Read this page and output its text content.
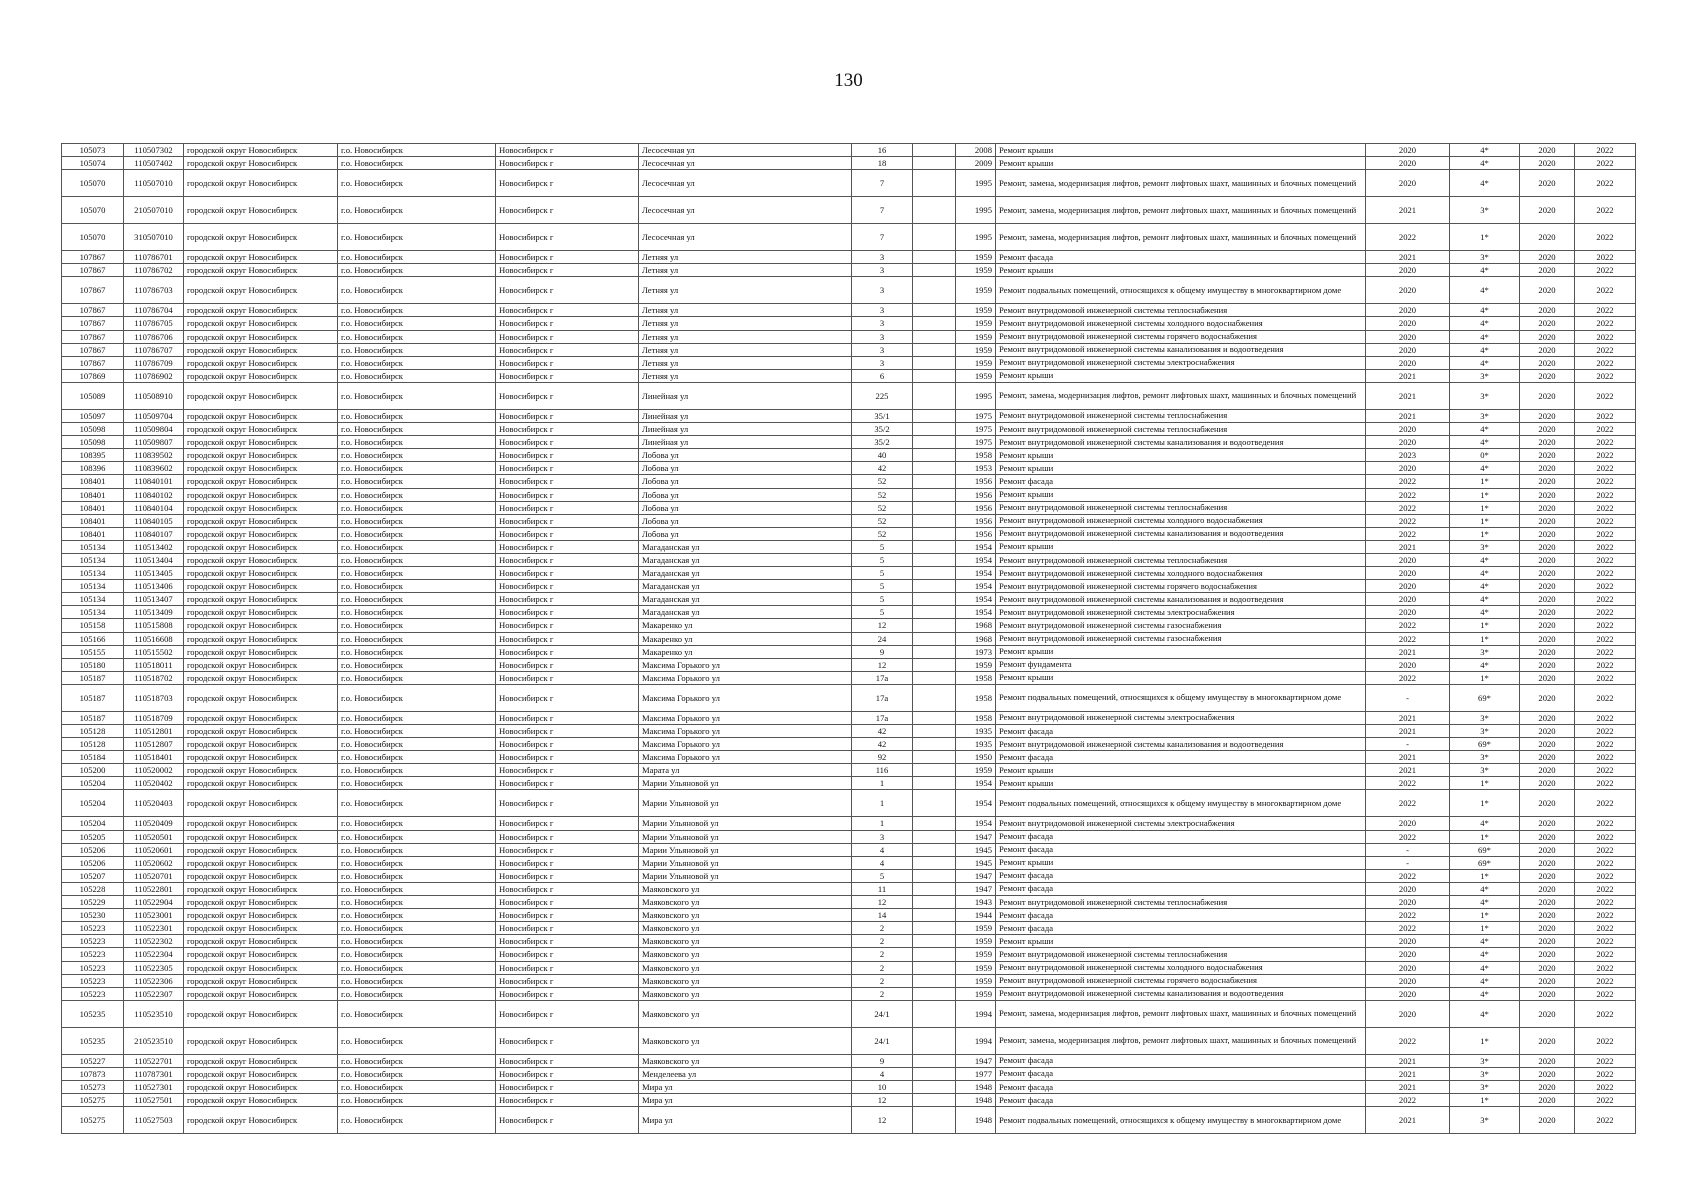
130
105073	110507302	городской округ Новосибирск	г.о. Новосибирск	Новосибирск г	Лесосечная ул	16		2008	Ремонт крыши	2020	4*	2020	2022
105074	110507402	городской округ Новосибирск	г.о. Новосибирск	Новосибирск г	Лесосечная ул	18		2009	Ремонт крыши	2020	4*	2020	2022
105070	110507010	городской округ Новосибирск	г.о. Новосибирск	Новосибирск г	Лесосечная ул	7		1995	Ремонт, замена, модернизация лифтов, ремонт лифтовых шахт, машинных и блочных помещений	2020	4*	2020	2022
105070	210507010	городской округ Новосибирск	г.о. Новосибирск	Новосибирск г	Лесосечная ул	7		1995	Ремонт, замена, модернизация лифтов, ремонт лифтовых шахт, машинных и блочных помещений	2021	3*	2020	2022
105070	310507010	городской округ Новосибирск	г.о. Новосибирск	Новосибирск г	Лесосечная ул	7		1995	Ремонт, замена, модернизация лифтов, ремонт лифтовых шахт, машинных и блочных помещений	2022	1*	2020	2022
107867	110786701	городской округ Новосибирск	г.о. Новосибирск	Новосибирск г	Летняя ул	3		1959	Ремонт фасада	2021	3*	2020	2022
107867	110786702	городской округ Новосибирск	г.о. Новосибирск	Новосибирск г	Летняя ул	3		1959	Ремонт крыши	2020	4*	2020	2022
107867	110786703	городской округ Новосибирск	г.о. Новосибирск	Новосибирск г	Летняя ул	3		1959	Ремонт подвальных помещений, относящихся к общему имуществу в многоквартирном доме	2020	4*	2020	2022
107867	110786704	городской округ Новосибирск	г.о. Новосибирск	Новосибирск г	Летняя ул	3		1959	Ремонт внутридомовой инженерной системы теплоснабжения	2020	4*	2020	2022
107867	110786705	городской округ Новосибирск	г.о. Новосибирск	Новосибирск г	Летняя ул	3		1959	Ремонт внутридомовой инженерной системы холодного водоснабжения	2020	4*	2020	2022
107867	110786706	городской округ Новосибирск	г.о. Новосибирск	Новосибирск г	Летняя ул	3		1959	Ремонт внутридомовой инженерной системы горячего водоснабжения	2020	4*	2020	2022
107867	110786707	городской округ Новосибирск	г.о. Новосибирск	Новосибирск г	Летняя ул	3		1959	Ремонт внутридомовой инженерной системы канализования и водоотведения	2020	4*	2020	2022
107867	110786709	городской округ Новосибирск	г.о. Новосибирск	Новосибирск г	Летняя ул	3		1959	Ремонт внутридомовой инженерной системы электроснабжения	2020	4*	2020	2022
107869	110786902	городской округ Новосибирск	г.о. Новосибирск	Новосибирск г	Летняя ул	6		1959	Ремонт крыши	2021	3*	2020	2022
105089	110508910	городской округ Новосибирск	г.о. Новосибирск	Новосибирск г	Линейная ул	225		1995	Ремонт, замена, модернизация лифтов, ремонт лифтовых шахт, машинных и блочных помещений	2021	3*	2020	2022
105097	110509704	городской округ Новосибирск	г.о. Новосибирск	Новосибирск г	Линейная ул	35/1		1975	Ремонт внутридомовой инженерной системы теплоснабжения	2021	3*	2020	2022
105098	110509804	городской округ Новосибирск	г.о. Новосибирск	Новосибирск г	Линейная ул	35/2		1975	Ремонт внутридомовой инженерной системы теплоснабжения	2020	4*	2020	2022
105098	110509807	городской округ Новосибирск	г.о. Новосибирск	Новосибирск г	Линейная ул	35/2		1975	Ремонт внутридомовой инженерной системы канализования и водоотведения	2020	4*	2020	2022
108395	110839502	городской округ Новосибирск	г.о. Новосибирск	Новосибирск г	Лобова ул	40		1958	Ремонт крыши	2023	0*	2020	2022
108396	110839602	городской округ Новосибирск	г.о. Новосибирск	Новосибирск г	Лобова ул	42		1953	Ремонт крыши	2020	4*	2020	2022
108401	110840101	городской округ Новосибирск	г.о. Новосибирск	Новосибирск г	Лобова ул	52		1956	Ремонт фасада	2022	1*	2020	2022
108401	110840102	городской округ Новосибирск	г.о. Новосибирск	Новосибирск г	Лобова ул	52		1956	Ремонт крыши	2022	1*	2020	2022
108401	110840104	городской округ Новосибирск	г.о. Новосибирск	Новосибирск г	Лобова ул	52		1956	Ремонт внутридомовой инженерной системы теплоснабжения	2022	1*	2020	2022
108401	110840105	городской округ Новосибирск	г.о. Новосибирск	Новосибирск г	Лобова ул	52		1956	Ремонт внутридомовой инженерной системы холодного водоснабжения	2022	1*	2020	2022
108401	110840107	городской округ Новосибирск	г.о. Новосибирск	Новосибирск г	Лобова ул	52		1956	Ремонт внутридомовой инженерной системы канализования и водоотведения	2022	1*	2020	2022
105134	110513402	городской округ Новосибирск	г.о. Новосибирск	Новосибирск г	Магаданская ул	5		1954	Ремонт крыши	2021	3*	2020	2022
105134	110513404	городской округ Новосибирск	г.о. Новосибирск	Новосибирск г	Магаданская ул	5		1954	Ремонт внутридомовой инженерной системы теплоснабжения	2020	4*	2020	2022
105134	110513405	городской округ Новосибирск	г.о. Новосибирск	Новосибирск г	Магаданская ул	5		1954	Ремонт внутридомовой инженерной системы холодного водоснабжения	2020	4*	2020	2022
105134	110513406	городской округ Новосибирск	г.о. Новосибирск	Новосибирск г	Магаданская ул	5		1954	Ремонт внутридомовой инженерной системы горячего водоснабжения	2020	4*	2020	2022
105134	110513407	городской округ Новосибирск	г.о. Новосибирск	Новосибирск г	Магаданская ул	5		1954	Ремонт внутридомовой инженерной системы канализования и водоотведения	2020	4*	2020	2022
105134	110513409	городской округ Новосибирск	г.о. Новосибирск	Новосибирск г	Магаданская ул	5		1954	Ремонт внутридомовой инженерной системы электроснабжения	2020	4*	2020	2022
105158	110515808	городской округ Новосибирск	г.о. Новосибирск	Новосибирск г	Макаренко ул	12		1968	Ремонт внутридомовой инженерной системы газоснабжения	2022	1*	2020	2022
105166	110516608	городской округ Новосибирск	г.о. Новосибирск	Новосибирск г	Макаренко ул	24		1968	Ремонт внутридомовой инженерной системы газоснабжения	2022	1*	2020	2022
105155	110515502	городской округ Новосибирск	г.о. Новосибирск	Новосибирск г	Макаренко ул	9		1973	Ремонт крыши	2021	3*	2020	2022
105180	110518011	городской округ Новосибирск	г.о. Новосибирск	Новосибирск г	Максима Горького ул	12		1959	Ремонт фундамента	2020	4*	2020	2022
105187	110518702	городской округ Новосибирск	г.о. Новосибирск	Новосибирск г	Максима Горького ул	17а		1958	Ремонт крыши	2022	1*	2020	2022
105187	110518703	городской округ Новосибирск	г.о. Новосибирск	Новосибирск г	Максима Горького ул	17а		1958	Ремонт подвальных помещений, относящихся к общему имуществу в многоквартирном доме	-	69*	2020	2022
105187	110518709	городской округ Новосибирск	г.о. Новосибирск	Новосибирск г	Максима Горького ул	17а		1958	Ремонт внутридомовой инженерной системы электроснабжения	2021	3*	2020	2022
105128	110512801	городской округ Новосибирск	г.о. Новосибирск	Новосибирск г	Максима Горького ул	42		1935	Ремонт фасада	2021	3*	2020	2022
105128	110512807	городской округ Новосибирск	г.о. Новосибирск	Новосибирск г	Максима Горького ул	42		1935	Ремонт внутридомовой инженерной системы канализования и водоотведения	-	69*	2020	2022
105184	110518401	городской округ Новосибирск	г.о. Новосибирск	Новосибирск г	Максима Горького ул	92		1950	Ремонт фасада	2021	3*	2020	2022
105200	110520002	городской округ Новосибирск	г.о. Новосибирск	Новосибирск г	Марата ул	116		1959	Ремонт крыши	2021	3*	2020	2022
105204	110520402	городской округ Новосибирск	г.о. Новосибирск	Новосибирск г	Марии Ульяновой ул	1		1954	Ремонт крыши	2022	1*	2020	2022
105204	110520403	городской округ Новосибирск	г.о. Новосибирск	Новосибирск г	Марии Ульяновой ул	1		1954	Ремонт подвальных помещений, относящихся к общему имуществу в многоквартирном доме	2022	1*	2020	2022
105204	110520409	городской округ Новосибирск	г.о. Новосибирск	Новосибирск г	Марии Ульяновой ул	1		1954	Ремонт внутридомовой инженерной системы электроснабжения	2020	4*	2020	2022
105205	110520501	городской округ Новосибирск	г.о. Новосибирск	Новосибирск г	Марии Ульяновой ул	3		1947	Ремонт фасада	2022	1*	2020	2022
105206	110520601	городской округ Новосибирск	г.о. Новосибирск	Новосибирск г	Марии Ульяновой ул	4		1945	Ремонт фасада	-	69*	2020	2022
105206	110520602	городской округ Новосибирск	г.о. Новосибирск	Новосибирск г	Марии Ульяновой ул	4		1945	Ремонт крыши	-	69*	2020	2022
105207	110520701	городской округ Новосибирск	г.о. Новосибирск	Новосибирск г	Марии Ульяновой ул	5		1947	Ремонт фасада	2022	1*	2020	2022
105228	110522801	городской округ Новосибирск	г.о. Новосибирск	Новосибирск г	Маяковского ул	11		1947	Ремонт фасада	2020	4*	2020	2022
105229	110522904	городской округ Новосибирск	г.о. Новосибирск	Новосибирск г	Маяковского ул	12		1943	Ремонт внутридомовой инженерной системы теплоснабжения	2020	4*	2020	2022
105230	110523001	городской округ Новосибирск	г.о. Новосибирск	Новосибирск г	Маяковского ул	14		1944	Ремонт фасада	2022	1*	2020	2022
105223	110522301	городской округ Новосибирск	г.о. Новосибирск	Новосибирск г	Маяковского ул	2		1959	Ремонт фасада	2022	1*	2020	2022
105223	110522302	городской округ Новосибирск	г.о. Новосибирск	Новосибирск г	Маяковского ул	2		1959	Ремонт крыши	2020	4*	2020	2022
105223	110522304	городской округ Новосибирск	г.о. Новосибирск	Новосибирск г	Маяковского ул	2		1959	Ремонт внутридомовой инженерной системы теплоснабжения	2020	4*	2020	2022
105223	110522305	городской округ Новосибирск	г.о. Новосибирск	Новосибирск г	Маяковского ул	2		1959	Ремонт внутридомовой инженерной системы холодного водоснабжения	2020	4*	2020	2022
105223	110522306	городской округ Новосибирск	г.о. Новосибирск	Новосибирск г	Маяковского ул	2		1959	Ремонт внутридомовой инженерной системы горячего водоснабжения	2020	4*	2020	2022
105223	110522307	городской округ Новосибирск	г.о. Новосибирск	Новосибирск г	Маяковского ул	2		1959	Ремонт внутридомовой инженерной системы канализования и водоотведения	2020	4*	2020	2022
105235	110523510	городской округ Новосибирск	г.о. Новосибирск	Новосибирск г	Маяковского ул	24/1		1994	Ремонт, замена, модернизация лифтов, ремонт лифтовых шахт, машинных и блочных помещений	2020	4*	2020	2022
105235	210523510	городской округ Новосибирск	г.о. Новосибирск	Новосибирск г	Маяковского ул	24/1		1994	Ремонт, замена, модернизация лифтов, ремонт лифтовых шахт, машинных и блочных помещений	2022	1*	2020	2022
105227	110522701	городской округ Новосибирск	г.о. Новосибирск	Новосибирск г	Маяковского ул	9		1947	Ремонт фасада	2021	3*	2020	2022
107873	110787301	городской округ Новосибирск	г.о. Новосибирск	Новосибирск г	Менделеева ул	4		1977	Ремонт фасада	2021	3*	2020	2022
105273	110527301	городской округ Новосибирск	г.о. Новосибирск	Новосибирск г	Мира ул	10		1948	Ремонт фасада	2021	3*	2020	2022
105275	110527501	городской округ Новосибирск	г.о. Новосибирск	Новосибирск г	Мира ул	12		1948	Ремонт фасада	2022	1*	2020	2022
105275	110527503	городской округ Новосибирск	г.о. Новосибирск	Новосибирск г	Мира ул	12		1948	Ремонт подвальных помещений, относящихся к общему имуществу в многоквартирном доме	2021	3*	2020	2022
